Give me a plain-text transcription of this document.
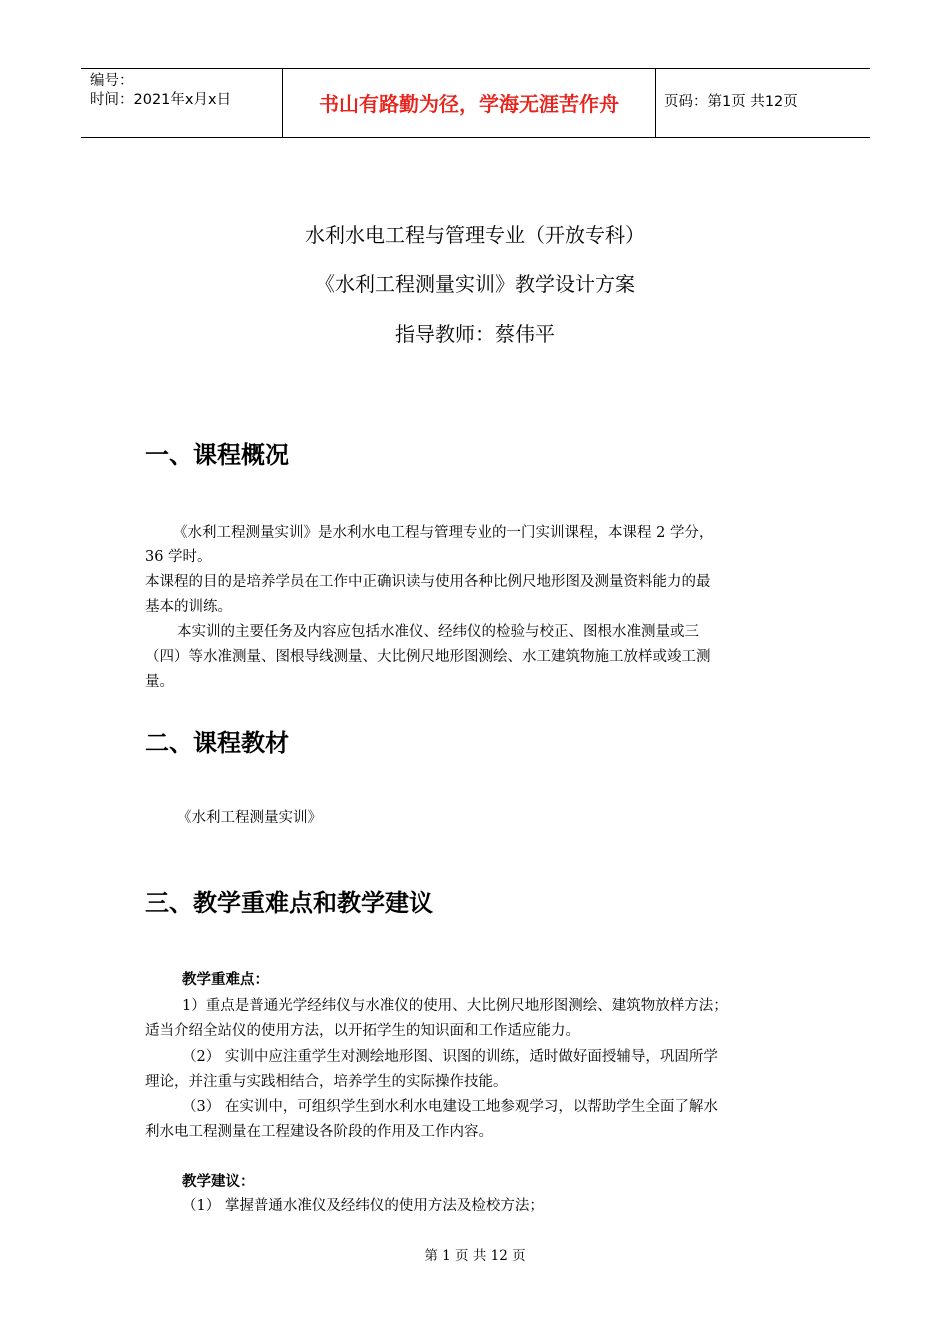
编号：
时间：2021年x月x日	书山有路勤为径，学海无涯苦作舟	页码：第1页 共12页
水利水电工程与管理专业（开放专科）
《水利工程测量实训》教学设计方案
指导教师：蔡伟平
一、课程概况
《水利工程测量实训》是水利水电工程与管理专业的一门实训课程，本课程 2 学分，
36 学时。
本课程的目的是培养学员在工作中正确识读与使用各种比例尺地形图及测量资料能力的最
基本的训练。
本实训的主要任务及内容应包括水准仪、经纬仪的检验与校正、图根水准测量或三
（四）等水准测量、图根导线测量、大比例尺地形图测绘、水工建筑物施工放样或竣工测
量。
二、课程教材
《水利工程测量实训》
三、教学重难点和教学建议
教学重难点：
1）重点是普通光学经纬仪与水准仪的使用、大比例尺地形图测绘、建筑物放样方法；
适当介绍全站仪的使用方法，以开拓学生的知识面和工作适应能力。
（2） 实训中应注重学生对测绘地形图、识图的训练，适时做好面授辅导，巩固所学
理论，并注重与实践相结合，培养学生的实际操作技能。
（3） 在实训中，可组织学生到水利水电建设工地参观学习，以帮助学生全面了解水
利水电工程测量在工程建设各阶段的作用及工作内容。
教学建议：
（1） 掌握普通水准仪及经纬仪的使用方法及检校方法；
第 1 页 共 12 页
